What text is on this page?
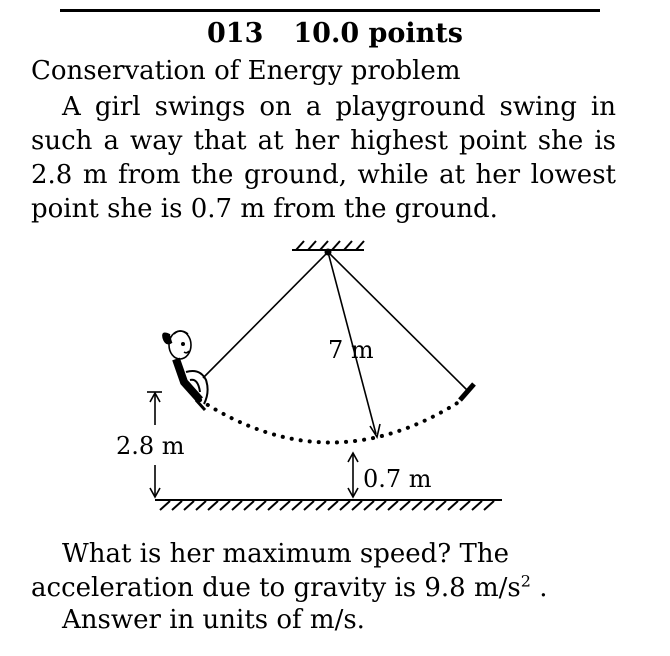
013 10.0 points
Conservation of Energy problem
A girl swings on a playground swing in such a way that at her highest point she is 2.8 m from the ground, while at her lowest point she is 0.7 m from the ground.
7 m
2.8 m
0.7 m
What is her maximum speed? The acceleration due to gravity is 9.8 $m/s^2$ .
Answer in units of m/s.
